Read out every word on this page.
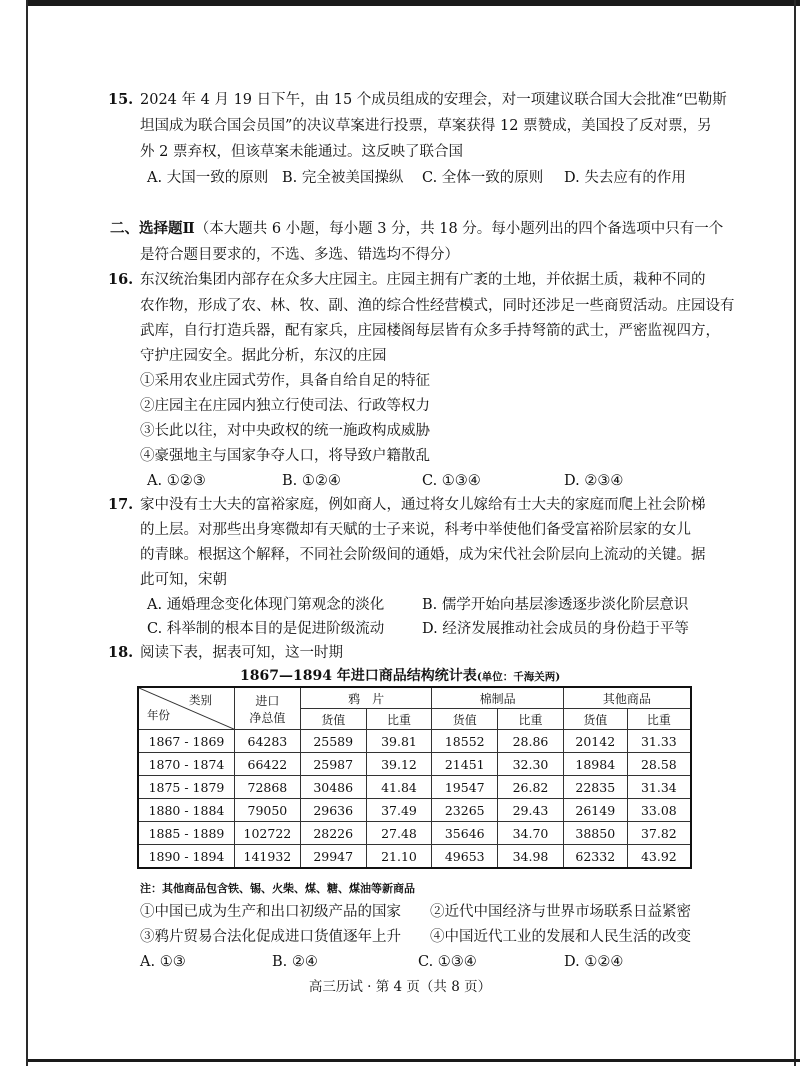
15. 2024 年 4 月 19 日下午，由 15 个成员组成的安理会，对一项建议联合国大会批准“巴勒斯
坦国成为联合国会员国”的决议草案进行投票，草案获得 12 票赞成，美国投了反对票，另
外 2 票弃权，但该草案未能通过。这反映了联合国
A. 大国一致的原则 B. 完全被美国操纵 C. 全体一致的原则 D. 失去应有的作用
二、选择题Ⅱ（本大题共 6 小题，每小题 3 分，共 18 分。每小题列出的四个备选项中只有一个
是符合题目要求的，不选、多选、错选均不得分）
16. 东汉统治集团内部存在众多大庄园主。庄园主拥有广袤的土地，并依据土质，栽种不同的
农作物，形成了农、林、牧、副、渔的综合性经营模式，同时还涉足一些商贸活动。庄园设有
武库，自行打造兵器，配有家兵，庄园楼阁每层皆有众多手持弩箭的武士，严密监视四方，
守护庄园安全。据此分析，东汉的庄园
①采用农业庄园式劳作，具备自给自足的特征
②庄园主在庄园内独立行使司法、行政等权力
③长此以往，对中央政权的统一施政构成威胁
④豪强地主与国家争夺人口，将导致户籍散乱
A. ①②③	B. ①②④	C. ①③④	D. ②③④
17. 家中没有士大夫的富裕家庭，例如商人，通过将女儿嫁给有士大夫的家庭而爬上社会阶梯
的上层。对那些出身寒微却有天赋的士子来说，科考中举使他们备受富裕阶层家的女儿
的青睐。根据这个解释，不同社会阶级间的通婚，成为宋代社会阶层向上流动的关键。据
此可知，宋朝
A. 通婚理念变化体现门第观念的淡化	B. 儒学开始向基层渗透逐步淡化阶层意识
C. 科举制的根本目的是促进阶级流动	D. 经济发展推动社会成员的身份趋于平等
18. 阅读下表，据表可知，这一时期
1867—1894 年进口商品结构统计表(单位：千海关两)
类别
年份	进口
净总值	鸦　片		棉制品		其他商品	
		货值	比重	货值	比重	货值	比重
1867 - 1869	64283	25589	39.81	18552	28.86	20142	31.33
1870 - 1874	66422	25987	39.12	21451	32.30	18984	28.58
1875 - 1879	72868	30486	41.84	19547	26.82	22835	31.34
1880 - 1884	79050	29636	37.49	23265	29.43	26149	33.08
1885 - 1889	102722	28226	27.48	35646	34.70	38850	37.82
1890 - 1894	141932	29947	21.10	49653	34.98	62332	43.92
注：其他商品包含铁、锡、火柴、煤、糖、煤油等新商品
①中国已成为生产和出口初级产品的国家 ②近代中国经济与世界市场联系日益紧密
③鸦片贸易合法化促成进口货值逐年上升 ④中国近代工业的发展和人民生活的改变
A. ①③	B. ②④	C. ①③④	D. ①②④
高三历试 · 第 4 页（共 8 页）
